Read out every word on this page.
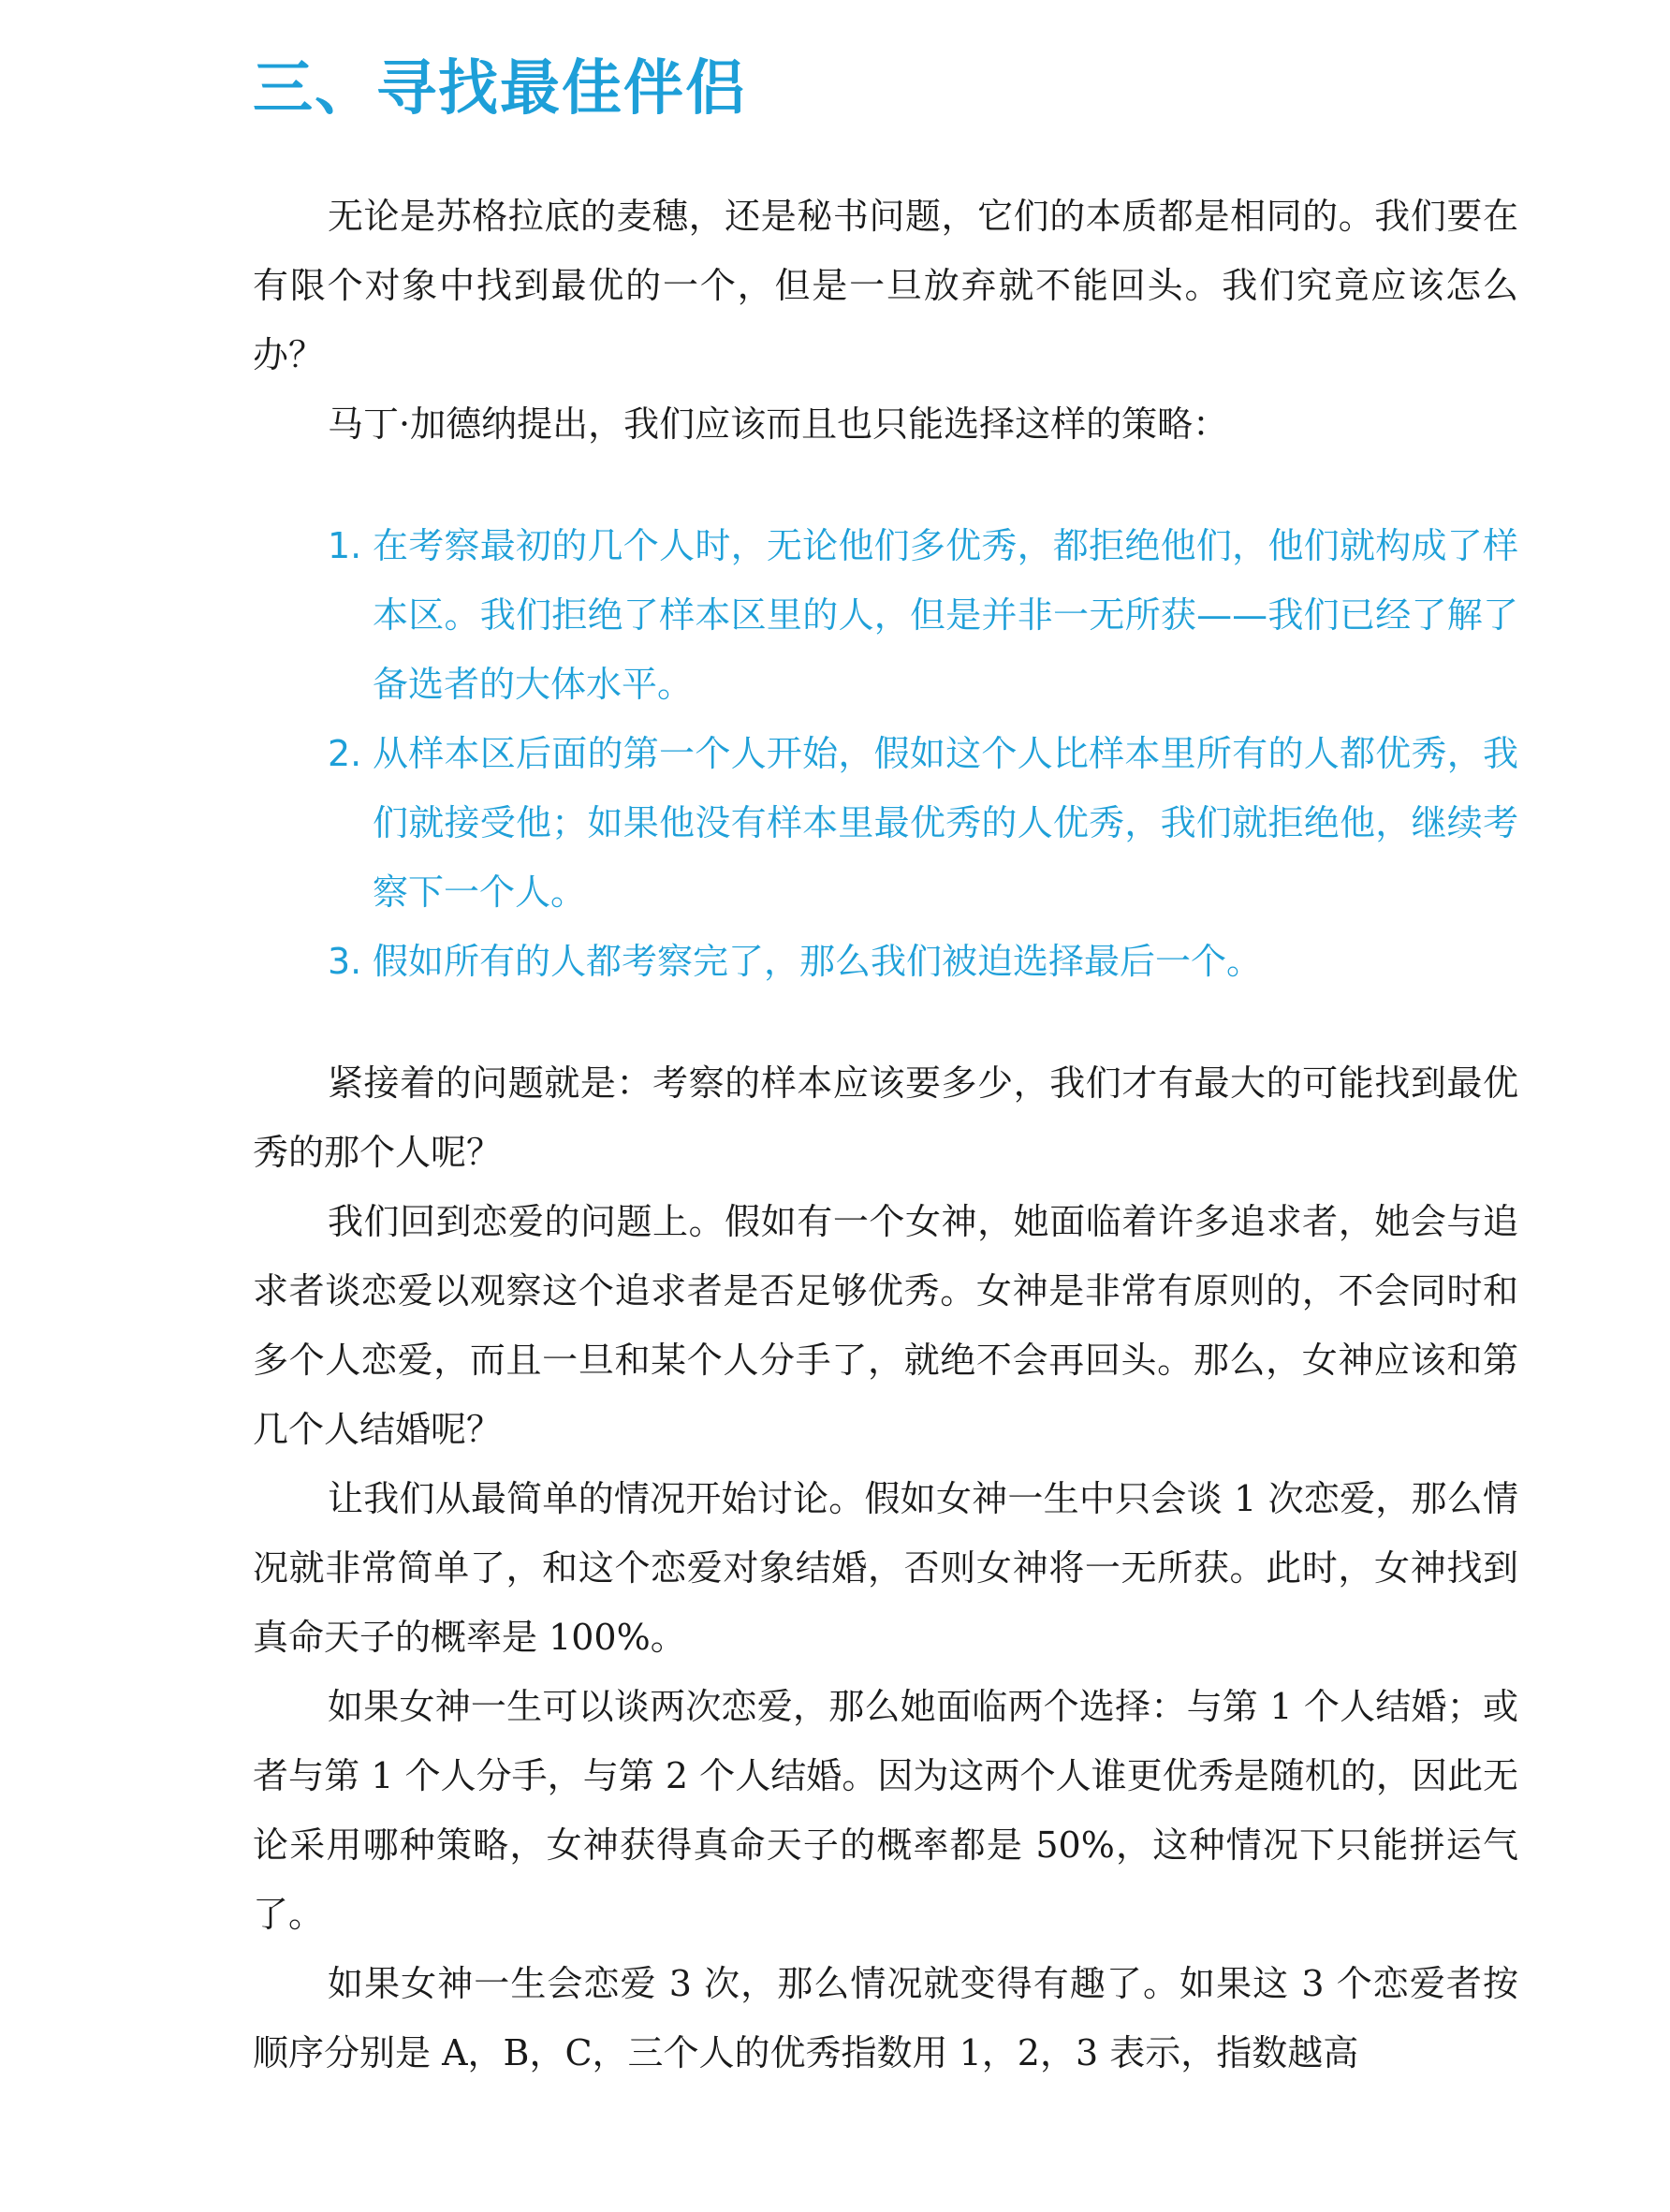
三、寻找最佳伴侣

无论是苏格拉底的麦穗，还是秘书问题，它们的本质都是相同的。我们要在有限个对象中找到最优的一个，但是一旦放弃就不能回头。我们究竟应该怎么办？

马丁·加德纳提出，我们应该而且也只能选择这样的策略：

1. 在考察最初的几个人时，无论他们多优秀，都拒绝他们，他们就构成了样本区。我们拒绝了样本区里的人，但是并非一无所获——我们已经了解了备选者的大体水平。
2. 从样本区后面的第一个人开始，假如这个人比样本里所有的人都优秀，我们就接受他；如果他没有样本里最优秀的人优秀，我们就拒绝他，继续考察下一个人。
3. 假如所有的人都考察完了，那么我们被迫选择最后一个。

紧接着的问题就是：考察的样本应该要多少，我们才有最大的可能找到最优秀的那个人呢？

我们回到恋爱的问题上。假如有一个女神，她面临着许多追求者，她会与追求者谈恋爱以观察这个追求者是否足够优秀。女神是非常有原则的，不会同时和多个人恋爱，而且一旦和某个人分手了，就绝不会再回头。那么，女神应该和第几个人结婚呢？

让我们从最简单的情况开始讨论。假如女神一生中只会谈 1 次恋爱，那么情况就非常简单了，和这个恋爱对象结婚，否则女神将一无所获。此时，女神找到真命天子的概率是 100%。

如果女神一生可以谈两次恋爱，那么她面临两个选择：与第 1 个人结婚；或者与第 1 个人分手，与第 2 个人结婚。因为这两个人谁更优秀是随机的，因此无论采用哪种策略，女神获得真命天子的概率都是 50%，这种情况下只能拼运气了。

如果女神一生会恋爱 3 次，那么情况就变得有趣了。如果这 3 个恋爱者按顺序分别是 A，B，C，三个人的优秀指数用 1，2，3 表示，指数越高
